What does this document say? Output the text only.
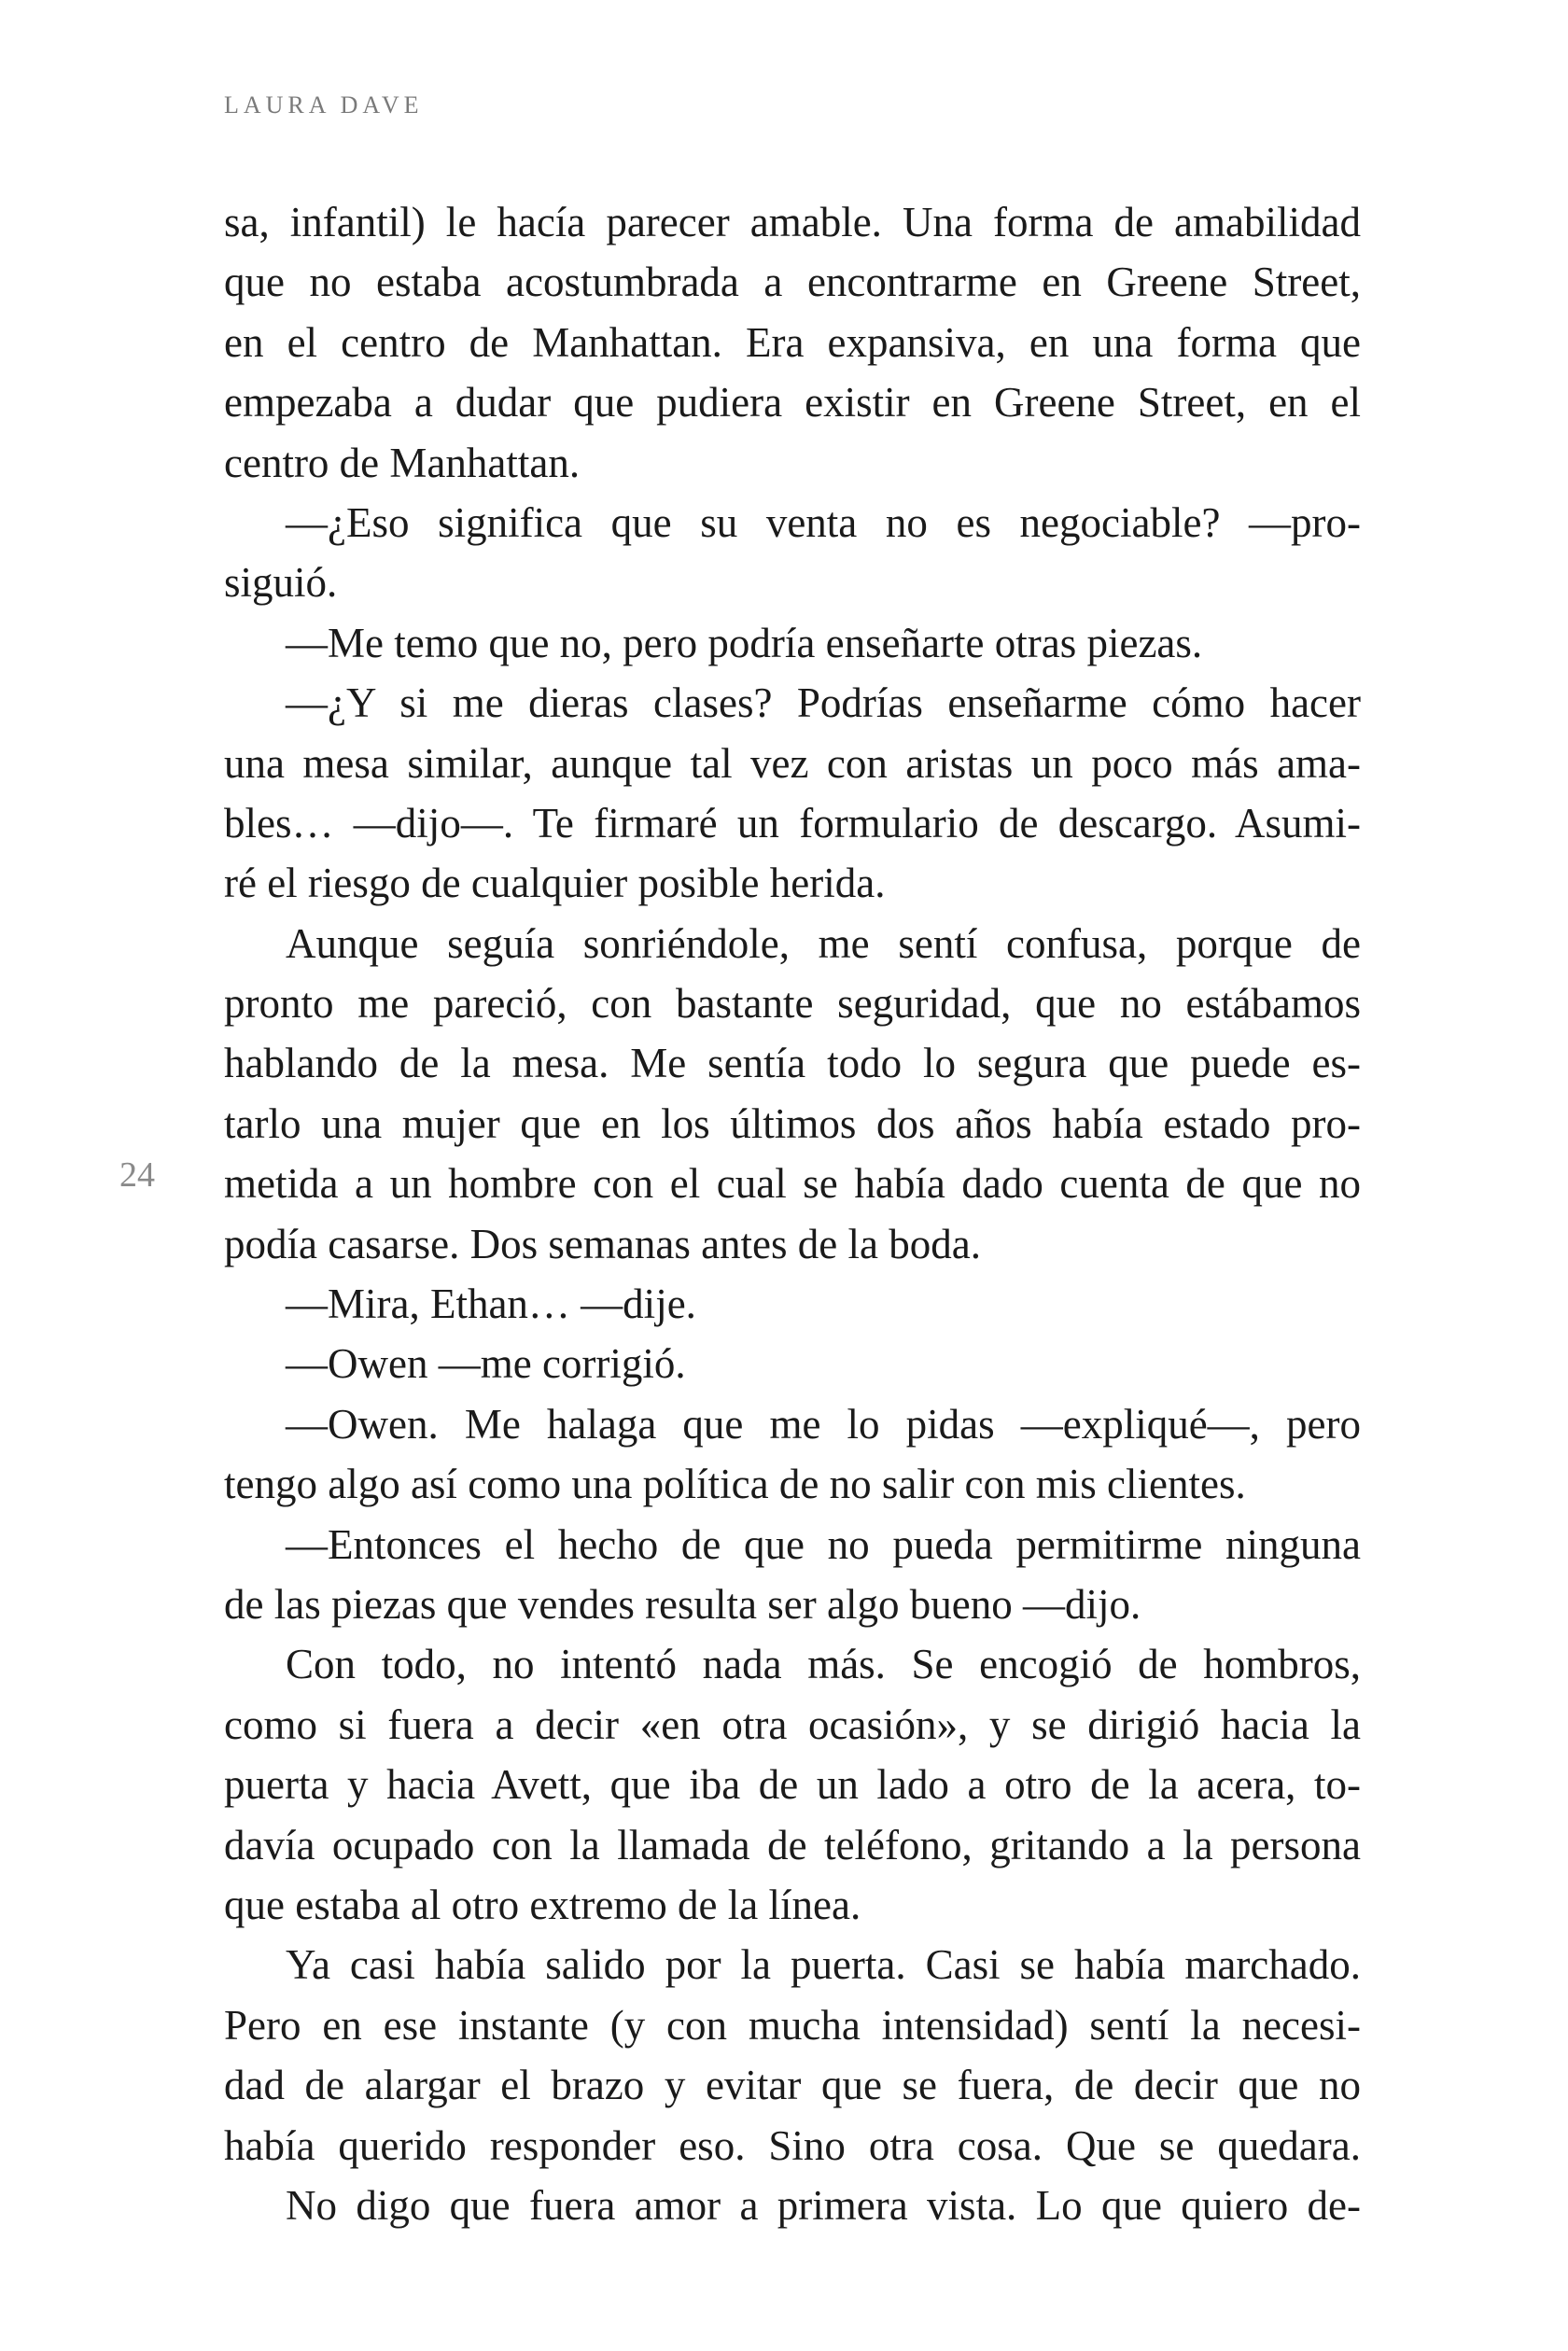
LAURA DAVE
24
sa, infantil) le hacía parecer amable. Una forma de amabilidad
que no estaba acostumbrada a encontrarme en Greene Street,
en el centro de Manhattan. Era expansiva, en una forma que
empezaba a dudar que pudiera existir en Greene Street, en el
centro de Manhattan.
—¿Eso significa que su venta no es negociable? —pro-
siguió.
—Me temo que no, pero podría enseñarte otras piezas.
—¿Y si me dieras clases? Podrías enseñarme cómo hacer
una mesa similar, aunque tal vez con aristas un poco más ama-
bles… —dijo—. Te firmaré un formulario de descargo. Asumi-
ré el riesgo de cualquier posible herida.
Aunque seguía sonriéndole, me sentí confusa, porque de
pronto me pareció, con bastante seguridad, que no estábamos
hablando de la mesa. Me sentía todo lo segura que puede es-
tarlo una mujer que en los últimos dos años había estado pro-
metida a un hombre con el cual se había dado cuenta de que no
podía casarse. Dos semanas antes de la boda.
—Mira, Ethan… —dije.
—Owen —me corrigió.
—Owen. Me halaga que me lo pidas —expliqué—, pero
tengo algo así como una política de no salir con mis clientes.
—Entonces el hecho de que no pueda permitirme ninguna
de las piezas que vendes resulta ser algo bueno —dijo.
Con todo, no intentó nada más. Se encogió de hombros,
como si fuera a decir «en otra ocasión», y se dirigió hacia la
puerta y hacia Avett, que iba de un lado a otro de la acera, to-
davía ocupado con la llamada de teléfono, gritando a la persona
que estaba al otro extremo de la línea.
Ya casi había salido por la puerta. Casi se había marchado.
Pero en ese instante (y con mucha intensidad) sentí la necesi-
dad de alargar el brazo y evitar que se fuera, de decir que no
había querido responder eso. Sino otra cosa. Que se quedara.
No digo que fuera amor a primera vista. Lo que quiero de-
